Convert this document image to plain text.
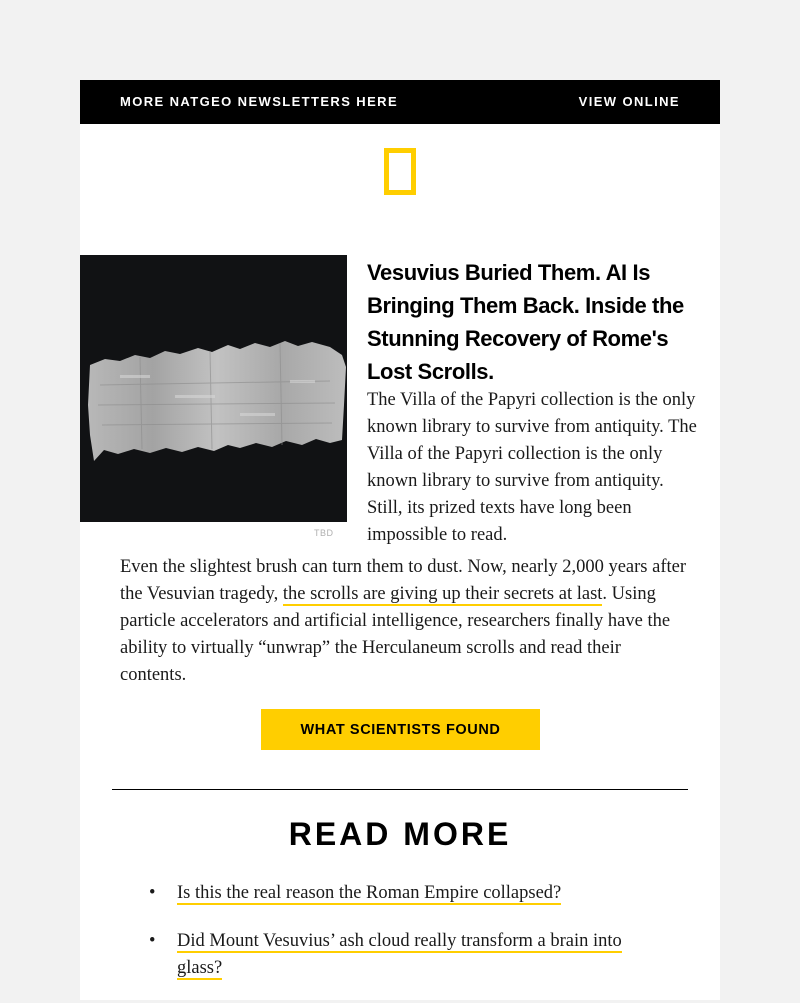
MORE NATGEO NEWSLETTERS HERE	VIEW ONLINE
TBD
Vesuvius Buried Them. AI Is Bringing Them Back. Inside the Stunning Recovery of Rome's Lost Scrolls.

The Villa of the Papyri collection is the only known library to survive from antiquity. The Villa of the Papyri collection is the only known library to survive from antiquity. Still, its prized texts have long been impossible to read.

Even the slightest brush can turn them to dust. Now, nearly 2,000 years after the Vesuvian tragedy, the scrolls are giving up their secrets at last. Using particle accelerators and artificial intelligence, researchers finally have the ability to virtually “unwrap” the Herculaneum scrolls and read their contents.

WHAT SCIENTISTS FOUND
READ MORE
• Is this the real reason the Roman Empire collapsed?
• Did Mount Vesuvius’ ash cloud really transform a brain into glass?
